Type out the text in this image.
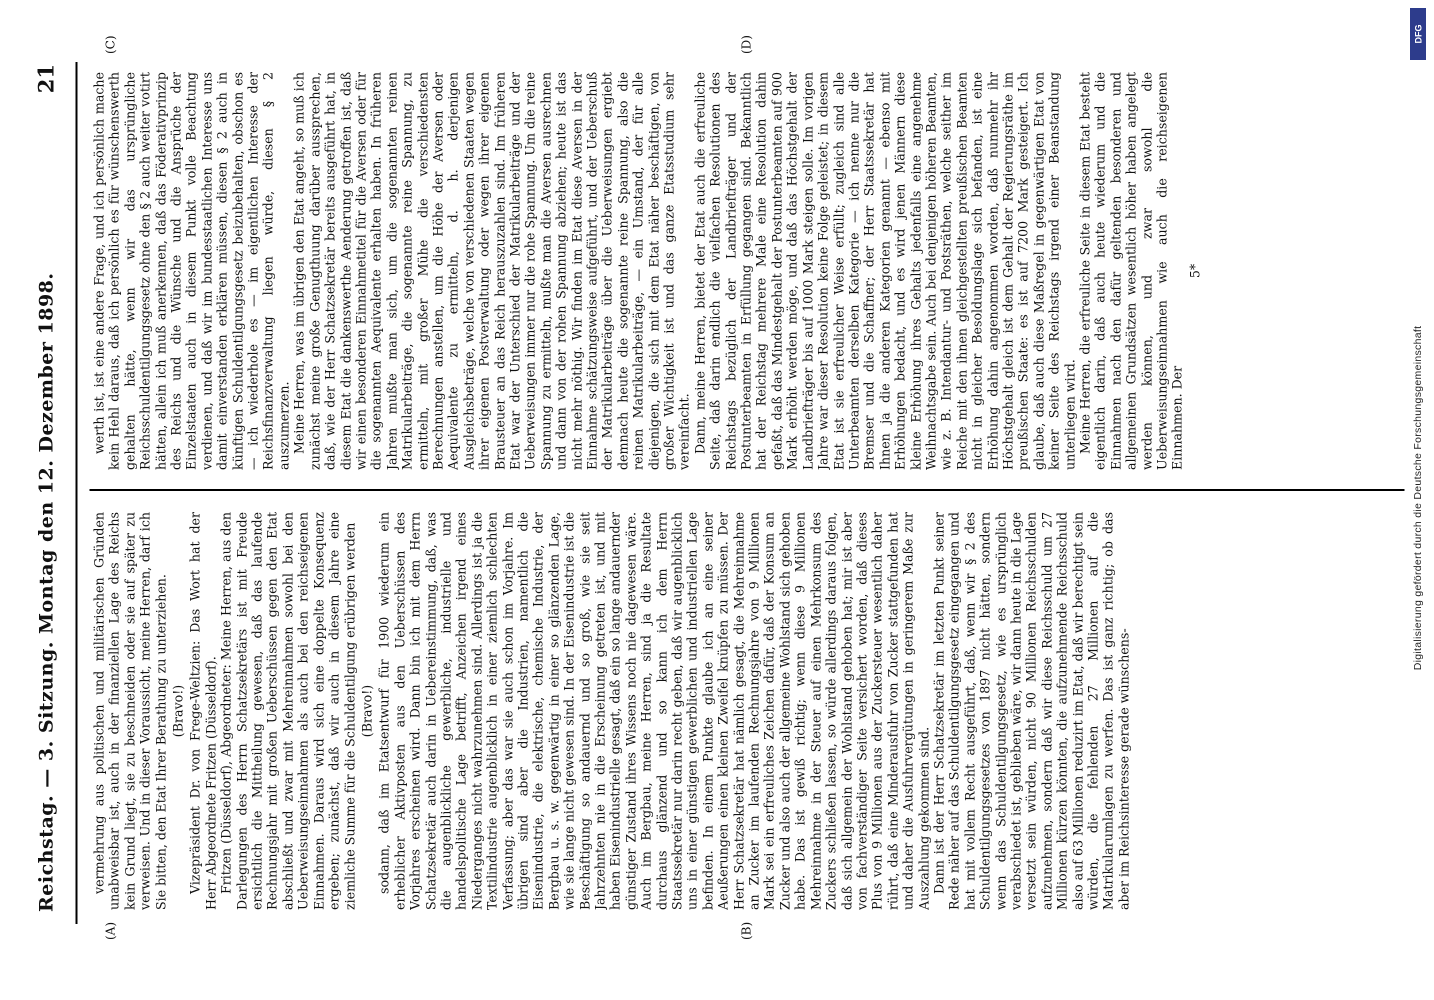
Reichstag. — 3. Sitzung. Montag den 12. Dezember 1898.
21
(A)	(B)
(C)	(D)

vermehrung aus politischen und militärischen Gründen unabweisbar ist, auch in der finanziellen Lage des Reichs kein Grund liegt, sie zu beschneiden oder sie auf später zu verweisen. Und in dieser Voraussicht, meine Herren, darf ich Sie bitten, den Etat Ihrer Berathung zu unterziehen. (Bravo!) Vizepräsident Dr. von Frege-Weltzien: Das Wort hat der Herr Abgeordnete Fritzen (Düsseldorf). Fritzen (Düsseldorf), Abgeordneter: Meine Herren, aus den Darlegungen des Herrn Schatzsekretärs ist mit Freude ersichtlich die Mittheilung gewesen, daß das laufende Rechnungsjahr mit großen Ueberschüssen gegen den Etat abschließt und zwar mit Mehreinnahmen sowohl bei den Ueberweisungseinnahmen als auch bei den reichseigenen Einnahmen. Daraus wird sich eine doppelte Konsequenz ergeben; zunächst, daß wir auch in diesem Jahre eine ziemliche Summe für die Schuldentilgung erübrigen werden (Bravo!) sodann, daß im Etatsentwurf für 1900 wiederum ein erheblicher Aktivposten aus den Ueberschüssen des Vorjahres erscheinen wird. Dann bin ich mit dem Herrn Schatzsekretär auch darin in Uebereinstimmung, daß, was die augenblickliche gewerbliche, industrielle und handelspolitische Lage betrifft, Anzeichen irgend eines Niederganges nicht wahrzunehmen sind. Allerdings ist ja die Textilindustrie augenblicklich in einer ziemlich schlechten Verfassung; aber das war sie auch schon im Vorjahre. Im übrigen sind aber die Industrien, namentlich die Eisenindustrie, die elektrische, chemische Industrie, der Bergbau u. s. w. gegenwärtig in einer so glänzenden Lage, wie sie lange nicht gewesen sind. In der Eisenindustrie ist die Beschäftigung so andauernd und so groß, wie sie seit Jahrzehnten nie in die Erscheinung getreten ist, und mit haben Eisenindustrielle gesagt, daß ein so lange andauernder günstiger Zustand ihres Wissens noch nie dagewesen wäre. Auch im Bergbau, meine Herren, sind ja die Resultate durchaus glänzend und so kann ich dem Herrn Staatssekretär nur darin recht geben, daß wir augenblicklich uns in einer günstigen gewerblichen und industriellen Lage befinden. In einem Punkte glaube ich an eine seiner Aeußerungen einen kleinen Zweifel knüpfen zu müssen. Der Herr Schatzsekretär hat nämlich gesagt, die Mehreinnahme an Zucker im laufenden Rechnungsjahre von 9 Millionen Mark sei ein erfreuliches Zeichen dafür, daß der Konsum an Zucker und also auch der allgemeine Wohlstand sich gehoben habe. Das ist gewiß richtig; wenn diese 9 Millionen Mehreinnahme in der Steuer auf einen Mehrkonsum des Zuckers schließen lassen, so würde allerdings daraus folgen, daß sich allgemein der Wohlstand gehoben hat; mir ist aber von fachverständiger Seite versichert worden, daß dieses Plus von 9 Millionen aus der Zuckersteuer wesentlich daher rührt, daß eine Minderausfuhr von Zucker stattgefunden hat und daher die Ausfuhrvergütungen in geringerem Maße zur Auszahlung gekommen sind. Dann ist der Herr Schatzsekretär im letzten Punkt seiner Rede näher auf das Schuldentilgungsgesetz eingegangen und hat mit vollem Recht ausgeführt, daß, wenn wir § 2 des Schuldentilgungsgesetzes von 1897 nicht hätten, sondern wenn das Schuldentilgungsgesetz, wie es ursprünglich verabschiedet ist, geblieben wäre, wir dann heute in die Lage versetzt sein würden, nicht 90 Millionen Reichsschulden aufzunehmen, sondern daß wir diese Reichsschuld um 27 Millionen kürzen könnten, die aufzunehmende Reichsschuld also auf 63 Millionen reduzirt im Etat, daß wir berechtigt sein würden, die fehlenden 27 Millionen auf die Matrikularumlagen zu werfen. Das ist ganz richtig; ob das aber im Reichsinteresse gerade wünschens-

werth ist, ist eine andere Frage, und ich persönlich mache kein Hehl daraus, daß ich persönlich es für wünschenswerth gehalten hätte, wenn wir das ursprüngliche Reichsschuldentilgungsgesetz ohne den § 2 auch weiter votirt hätten, allein ich muß anerkennen, daß das Föderativprinzip des Reichs und die Wünsche und die Ansprüche der Einzelstaaten auch in diesem Punkt volle Beachtung verdienen, und daß wir im bundesstaatlichen Interesse uns damit einverstanden erklären müssen, diesen § 2 auch in künftigen Schuldentilgungsgesetz beizubehalten, obschon es — ich wiederhole es — im eigentlichen Interesse der Reichsfinanzverwaltung liegen würde, diesen § 2 auszumerzen. Meine Herren, was im übrigen den Etat angeht, so muß ich zunächst meine große Genugthuung darüber aussprechen, daß, wie der Herr Schatzsekretär bereits ausgeführt hat, in diesem Etat die dankenswerthe Aenderung getroffen ist, daß wir einen besonderen Einnahmetitel für die Aversen oder für die sogenannten Aequivalente erhalten haben. In früheren Jahren mußte man sich, um die sogenannten reinen Matrikularbeiträge, die sogenannte reine Spannung, zu ermitteln, mit großer Mühe die verschiedensten Berechnungen anstellen, um die Höhe der Aversen oder Aequivalente zu ermitteln, d. h. derjenigen Ausgleichsbeträge, welche von verschiedenen Staaten wegen ihrer eigenen Postverwaltung oder wegen ihrer eigenen Brausteuer an das Reich herauszuzahlen sind. Im früheren Etat war der Unterschied der Matrikularbeiträge und der Ueberweisungen immer nur die rohe Spannung. Um die reine Spannung zu ermitteln, mußte man die Aversen ausrechnen und dann von der rohen Spannung abziehen; heute ist das nicht mehr nöthig. Wir finden im Etat diese Aversen in der Einnahme schätzungsweise aufgeführt, und der Ueberschuß der Matrikularbeiträge über die Ueberweisungen ergiebt demnach heute die sogenannte reine Spannung, also die reinen Matrikularbeiträge, — ein Umstand, der für alle diejenigen, die sich mit dem Etat näher beschäftigen, von großer Wichtigkeit ist und das ganze Etatsstudium sehr vereinfacht. Dann, meine Herren, bietet der Etat auch die erfreuliche Seite, daß darin endlich die vielfachen Resolutionen des Reichstags bezüglich der Landbriefträger und der Postunterbeamten in Erfüllung gegangen sind. Bekanntlich hat der Reichstag mehrere Male eine Resolution dahin gefaßt, daß das Mindestgehalt der Postunterbeamten auf 900 Mark erhöht werden möge, und daß das Höchstgehalt der Landbriefträger bis auf 1000 Mark steigen solle. Im vorigen Jahre war dieser Resolution keine Folge geleistet; in diesem Etat ist sie erfreulicher Weise erfüllt; zugleich sind alle Unterbeamten derselben Kategorie — ich nenne nur die Bremser und die Schaffner; der Herr Staatssekretär hat Ihnen ja die anderen Kategorien genannt — ebenso mit Erhöhungen bedacht, und es wird jenen Männern diese kleine Erhöhung ihres Gehalts jedenfalls eine angenehme Weihnachtsgabe sein. Auch bei denjenigen höheren Beamten, wie z. B. Intendantur- und Postsräthen, welche seither im Reiche mit den ihnen gleichgestellten preußischen Beamten nicht in gleicher Besoldungslage sich befanden, ist eine Erhöhung dahin angenommen worden, daß nunmehr ihr Höchstgehalt gleich ist dem Gehalt der Regierungsräthe im preußischen Staate: es ist auf 7200 Mark gesteigert. Ich glaube, daß auch diese Maßregel in gegenwärtigen Etat von keiner Seite des Reichstags irgend einer Beanstandung unterliegen wird. Meine Herren, die erfreuliche Seite in diesem Etat besteht eigentlich darin, daß auch heute wiederum und die Einnahmen nach den dafür geltenden besonderen und allgemeinen Grundsätzen wesentlich höher haben angelegt werden können, und zwar sowohl die Ueberweisungseinnahmen wie auch die reichseigenen Einnahmen. Der

5*

DFG
Digitalisierung gefördert durch die Deutsche Forschungsgemeinschaft
